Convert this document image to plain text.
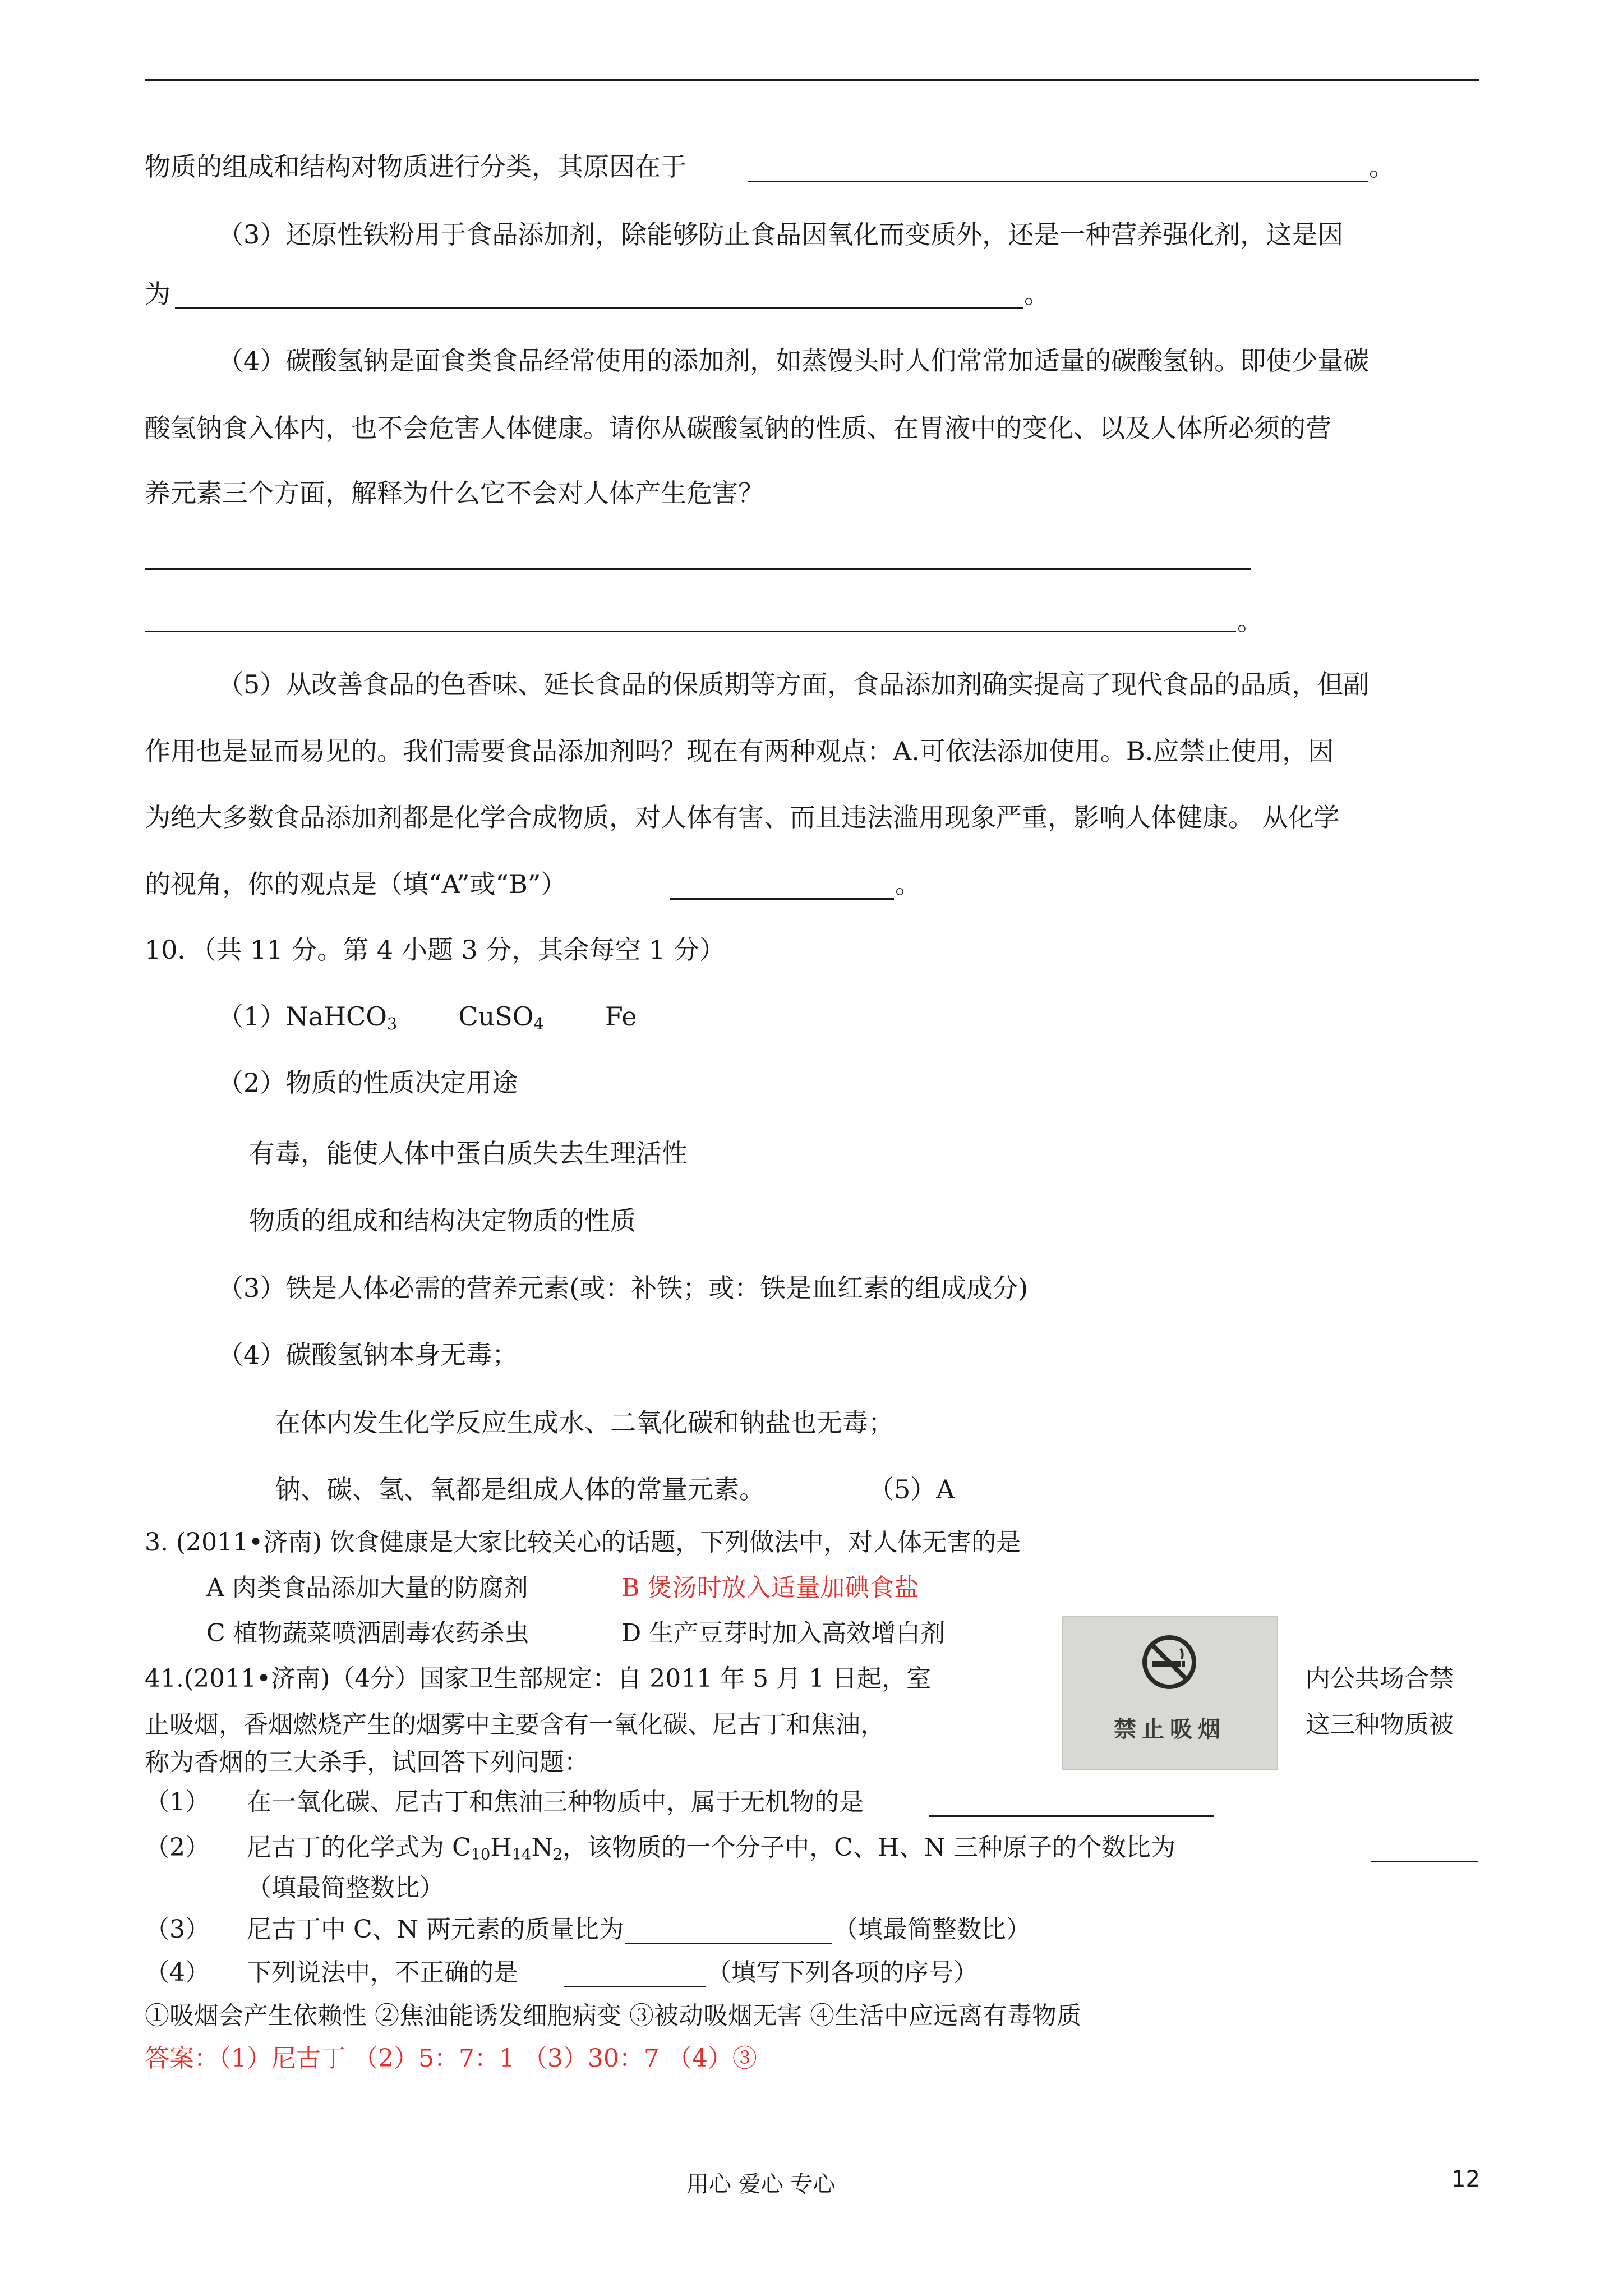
物质的组成和结构对物质进行分类，其原因在于	。
（3）还原性铁粉用于食品添加剂，除能够防止食品因氧化而变质外，还是一种营养强化剂，这是因
为	。
（4）碳酸氢钠是面食类食品经常使用的添加剂，如蒸馒头时人们常常加适量的碳酸氢钠。即使少量碳
酸氢钠食入体内，也不会危害人体健康。请你从碳酸氢钠的性质、在胃液中的变化、以及人体所必须的营
养元素三个方面，解释为什么它不会对人体产生危害？
。
（5）从改善食品的色香味、延长食品的保质期等方面，食品添加剂确实提高了现代食品的品质，但副
作用也是显而易见的。我们需要食品添加剂吗？现在有两种观点：A.可依法添加使用。B.应禁止使用，因
为绝大多数食品添加剂都是化学合成物质，对人体有害、而且违法滥用现象严重，影响人体健康。 从化学
的视角，你的观点是（填“A”或“B”）	。
10．（共 11 分。第 4 小题 3 分，其余每空 1 分）
（1）NaHCO$_3$ CuSO$_4$ Fe
（2）物质的性质决定用途
有毒，能使人体中蛋白质失去生理活性
物质的组成和结构决定物质的性质
（3）铁是人体必需的营养元素(或：补铁；或：铁是血红素的组成成分)
（4）碳酸氢钠本身无毒；
在体内发生化学反应生成水、二氧化碳和钠盐也无毒；
钠、碳、氢、氧都是组成人体的常量元素。	（5）A
3. (2011•济南) 饮食健康是大家比较关心的话题，下列做法中，对人体无害的是
A 肉类食品添加大量的防腐剂	B 煲汤时放入适量加碘食盐
C 植物蔬菜喷洒剧毒农药杀虫	D 生产豆芽时加入高效增白剂
禁止吸烟
41.(2011•济南)（4分）国家卫生部规定：自 2011 年 5 月 1 日起，室	内公共场合禁
止吸烟，香烟燃烧产生的烟雾中主要含有一氧化碳、尼古丁和焦油，	这三种物质被
称为香烟的三大杀手，试回答下列问题：
（1） 在一氧化碳、尼古丁和焦油三种物质中，属于无机物的是
（2） 尼古丁的化学式为 $C_{10}H_{14}N_2$，该物质的一个分子中，C、H、N 三种原子的个数比为
（填最简整数比）
（3） 尼古丁中 C、N 两元素的质量比为	（填最简整数比）
（4） 下列说法中，不正确的是	（填写下列各项的序号）
①吸烟会产生依赖性 ②焦油能诱发细胞病变 ③被动吸烟无害 ④生活中应远离有毒物质
答案：（1）尼古丁 （2）5：7：1 （3）30：7 （4）③
用心 爱心 专心	12
